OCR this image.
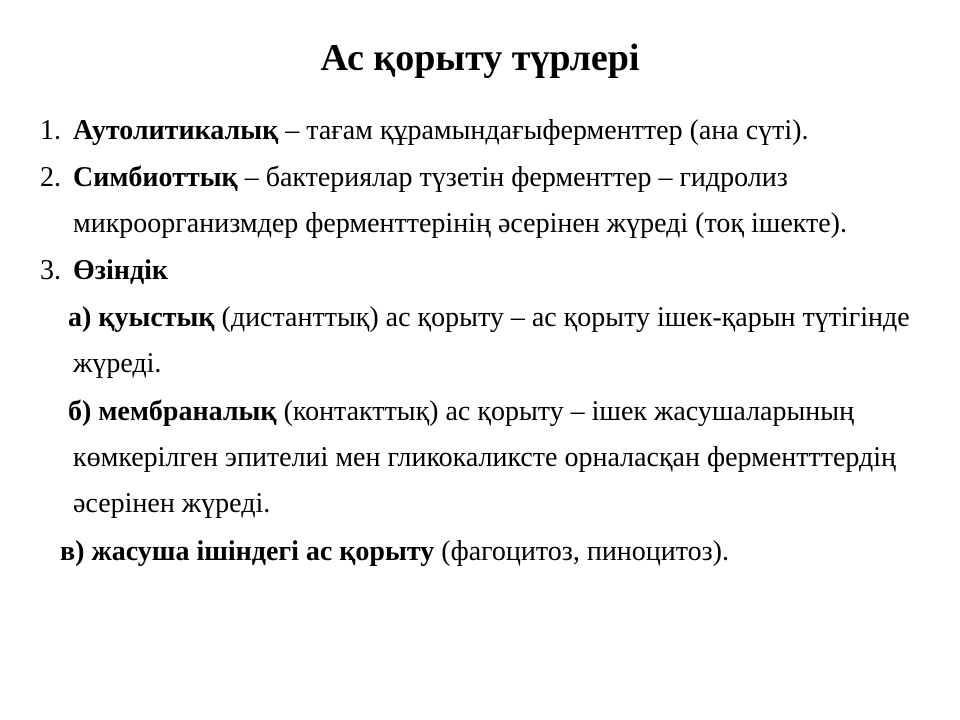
Ас қорыту түрлері
1. Аутолитикалық – тағам құрамындағыферменттер (ана сүті).
2. Симбиоттық – бактериялар түзетін ферменттер – гидролиз микроорганизмдер ферменттерінің әсерінен жүреді (тоқ ішекте).
3. Өзіндік
а) қуыстық (дистанттық) ас қорыту – ас қорыту ішек-қарын түтігінде жүреді.
б) мембраналық (контакттық) ас қорыту – ішек жасушаларының көмкерілген эпителиі мен гликокаликсте орналасқан ферментттердің әсерінен жүреді.
в) жасуша ішіндегі ас қорыту (фагоцитоз, пиноцитоз).
